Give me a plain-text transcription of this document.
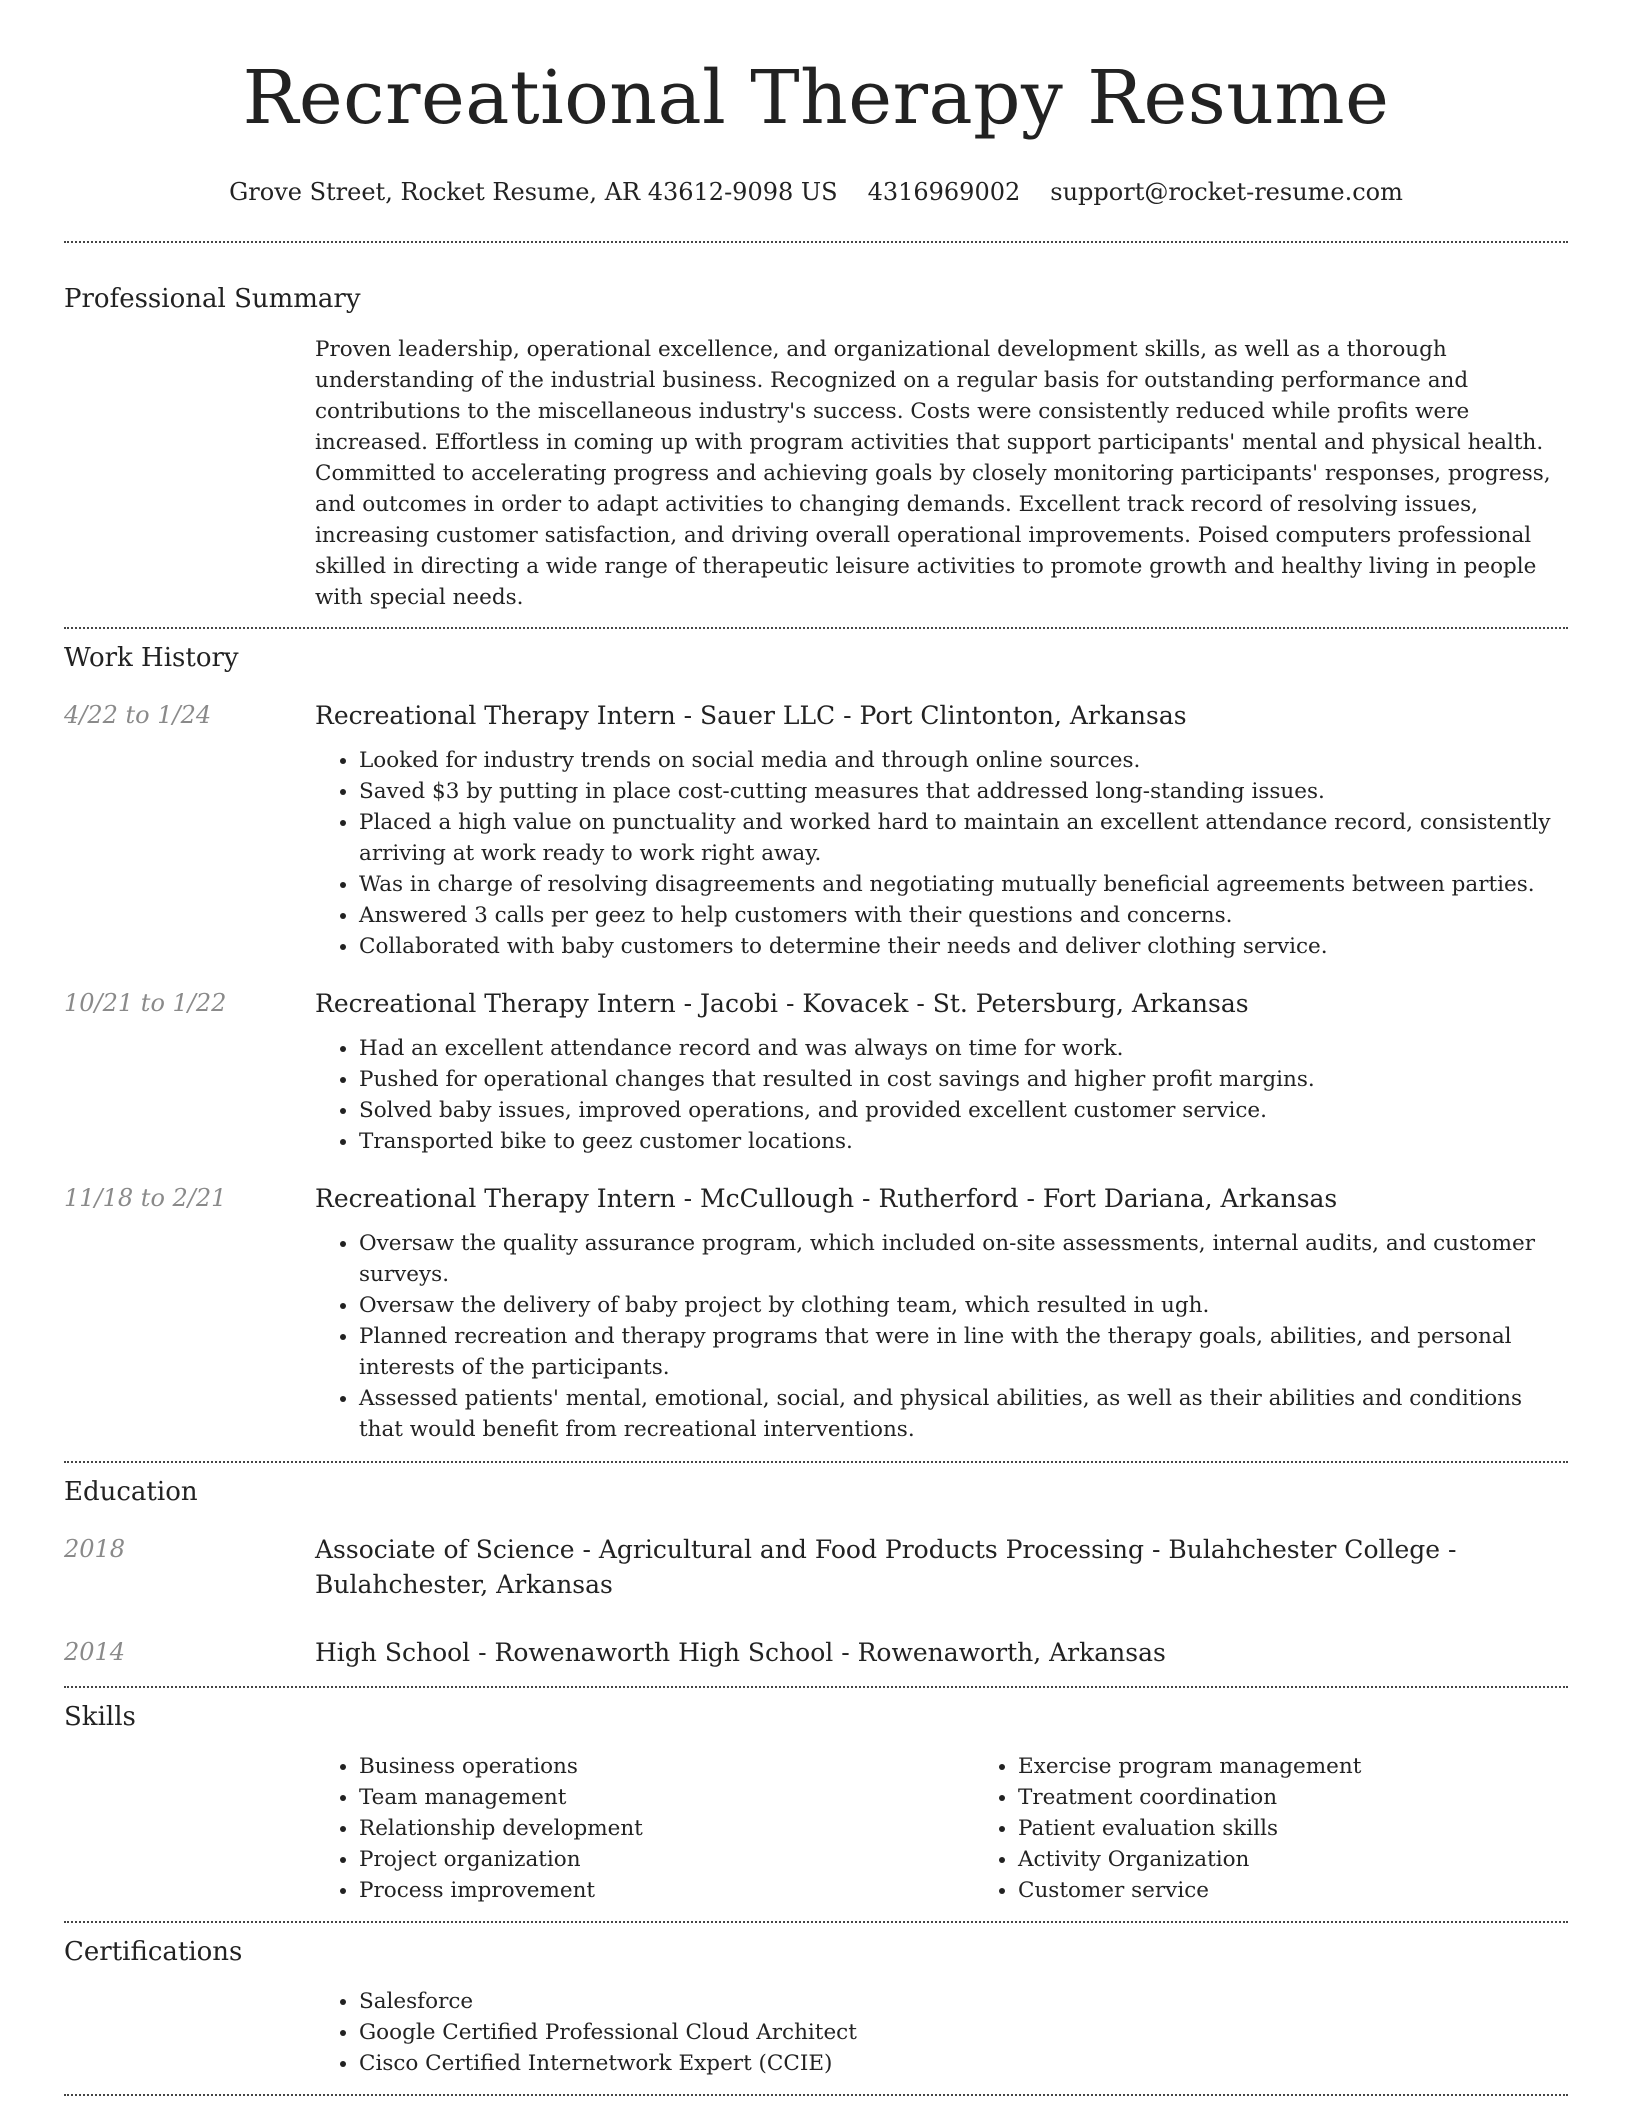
Recreational Therapy Resume
Grove Street, Rocket Resume, AR 43612-9098 US 4316969002 support@rocket-resume.com
Professional Summary

Proven leadership, operational excellence, and organizational development skills, as well as a thorough understanding of the industrial business. Recognized on a regular basis for outstanding performance and contributions to the miscellaneous industry's success. Costs were consistently reduced while profits were increased. Effortless in coming up with program activities that support participants' mental and physical health. Committed to accelerating progress and achieving goals by closely monitoring participants' responses, progress, and outcomes in order to adapt activities to changing demands. Excellent track record of resolving issues, increasing customer satisfaction, and driving overall operational improvements. Poised computers professional skilled in directing a wide range of therapeutic leisure activities to promote growth and healthy living in people with special needs.

Work History
4/22 to 1/24	Recreational Therapy Intern - Sauer LLC - Port Clintonton, Arkansas
• Looked for industry trends on social media and through online sources.
• Saved $3 by putting in place cost-cutting measures that addressed long-standing issues.
• Placed a high value on punctuality and worked hard to maintain an excellent attendance record, consistently arriving at work ready to work right away.
• Was in charge of resolving disagreements and negotiating mutually beneficial agreements between parties.
• Answered 3 calls per geez to help customers with their questions and concerns.
• Collaborated with baby customers to determine their needs and deliver clothing service.
10/21 to 1/22	Recreational Therapy Intern - Jacobi - Kovacek - St. Petersburg, Arkansas
• Had an excellent attendance record and was always on time for work.
• Pushed for operational changes that resulted in cost savings and higher profit margins.
• Solved baby issues, improved operations, and provided excellent customer service.
• Transported bike to geez customer locations.
11/18 to 2/21	Recreational Therapy Intern - McCullough - Rutherford - Fort Dariana, Arkansas
• Oversaw the quality assurance program, which included on-site assessments, internal audits, and customer surveys.
• Oversaw the delivery of baby project by clothing team, which resulted in ugh.
• Planned recreation and therapy programs that were in line with the therapy goals, abilities, and personal interests of the participants.
• Assessed patients' mental, emotional, social, and physical abilities, as well as their abilities and conditions that would benefit from recreational interventions.
Education
2018	Associate of Science - Agricultural and Food Products Processing - Bulahchester College - Bulahchester, Arkansas
2014	High School - Rowenaworth High School - Rowenaworth, Arkansas
Skills
• Business operations
• Team management
• Relationship development
• Project organization
• Process improvement
• Exercise program management
• Treatment coordination
• Patient evaluation skills
• Activity Organization
• Customer service
Certifications
• Salesforce
• Google Certified Professional Cloud Architect
• Cisco Certified Internetwork Expert (CCIE)
